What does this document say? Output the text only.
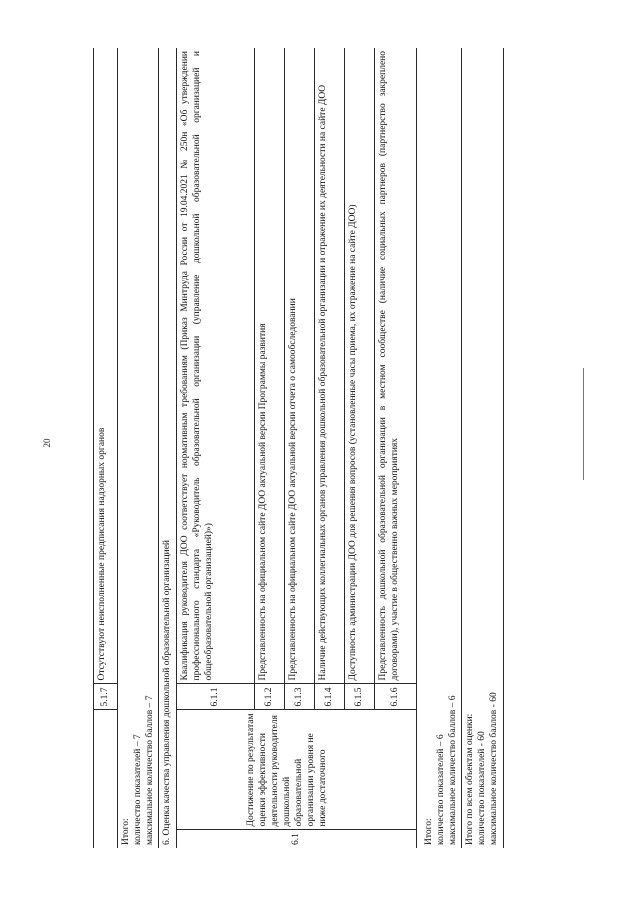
20
		5.1.7	Отсутствуют неисполненные предписания надзорных органов

Итого: количество показателей – 7 максимальное количество баллов – 7			

6. Оценка качества управления дошкольной образовательной организацией			
6.1	Достижение по результатам оценки эффективности деятельности руководителя дошкольной образовательной организации уровня не ниже достаточного	6.1.1	Квалификация руководителя ДОО соответствует нормативным требованиям (Приказ Минтруда России от 19.04.2021 № 250н «Об утверждении профессионального стандарта «Руководитель образовательной организации (управление дошкольной образовательной организацией и общеобразовательной организацией)»)
		6.1.2	Представленность на официальном сайте ДОО актуальной версии Программы развития
		6.1.3	Представленность на официальном сайте ДОО актуальной версии отчета о самообследовании
		6.1.4	Наличие действующих коллегиальных органов управления дошкольной образовательной организации и отражение их деятельности на сайте ДОО
		6.1.5	Доступность администрации ДОО для решения вопросов (установленные часы приема, их отражение на сайте ДОО)
		6.1.6	Представленность дошкольной образовательной организации в местном сообществе (наличие социальных партнеров (партнерство закреплено договорами), участие в общественно важных мероприятиях

Итого: количество показателей – 6 максимальное количество баллов – 6			

Итого по всем объектам оценки: количество показателей - 60 максимальное количество баллов - 60			
